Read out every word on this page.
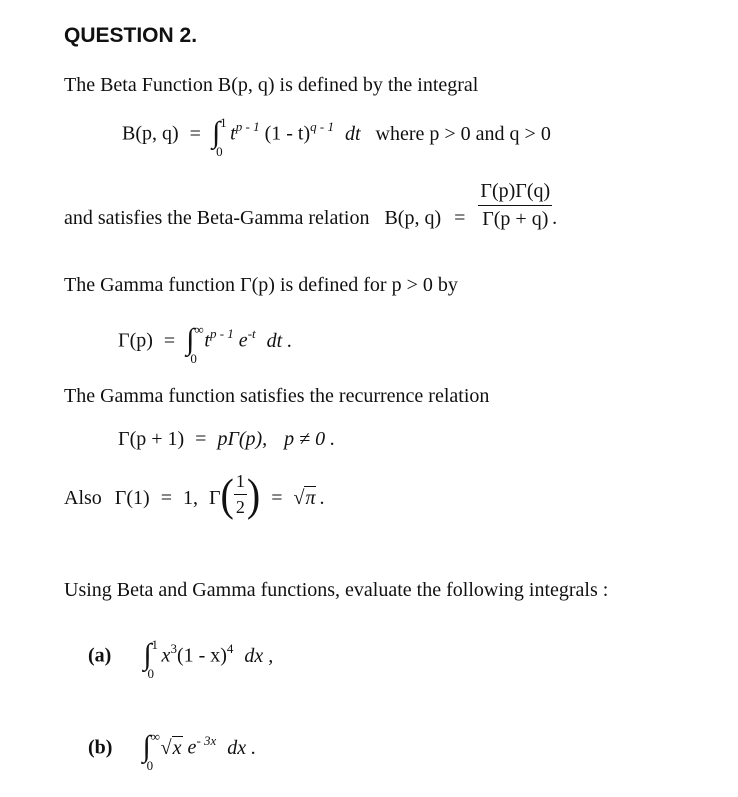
QUESTION 2.
The Beta Function B(p, q) is defined by the integral
B(p, q) = ∫ 1
0
$t^{p - 1}$ (1 - t)$^{q - 1}$ dt where p > 0 and q > 0
and satisfies the Beta-Gamma relation B(p, $q) = \frac{\Gamma(p)\Gamma(q)}{\Gamma(p + q)}$ .
The Gamma function Γ(p) is defined for p > 0 by
Γ(p) = ∫ ∞
0
$t^{p - 1}$ $e^{-t}$ dt .
The Gamma function satisfies the recurrence relation
Γ(p + 1) = pΓ(p), p ≠ 0 .
Also Γ(1) = 1, $\Gamma( \frac{1}{2}$ ) = √π .
Using Beta and Gamma functions, evaluate the following integrals :
(a) ∫ 1
0
$x^3(1 - x)^4$ dx ,
(b) ∫ ∞
0
√x $e^{- 3x}$ dx .
